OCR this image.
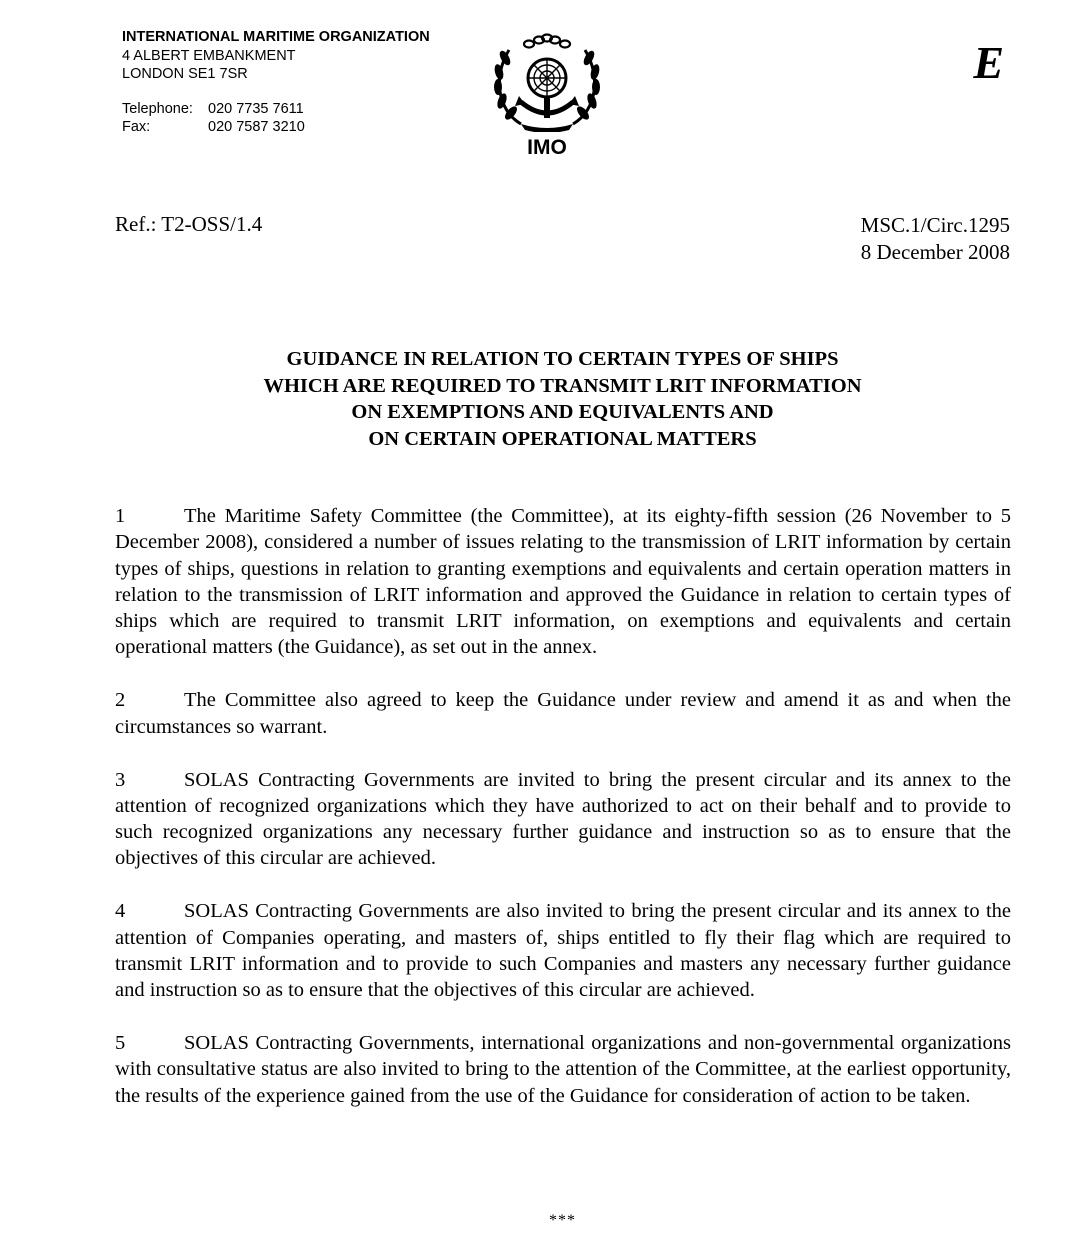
INTERNATIONAL MARITIME ORGANIZATION
4 ALBERT EMBANKMENT
LONDON SE1 7SR
Telephone:	020 7735 7611
Fax:	020 7587 3210
IMO
E
Ref.: T2-OSS/1.4	MSC.1/Circ.1295
8 December 2008
GUIDANCE IN RELATION TO CERTAIN TYPES OF SHIPS
WHICH ARE REQUIRED TO TRANSMIT LRIT INFORMATION
ON EXEMPTIONS AND EQUIVALENTS AND
ON CERTAIN OPERATIONAL MATTERS

1	The Maritime Safety Committee (the Committee), at its eighty-fifth session (26 November to 5 December 2008), considered a number of issues relating to the transmission of LRIT information by certain types of ships, questions in relation to granting exemptions and equivalents and certain operation matters in relation to the transmission of LRIT information and approved the Guidance in relation to certain types of ships which are required to transmit LRIT information, on exemptions and equivalents and certain operational matters (the Guidance), as set out in the annex.

2	The Committee also agreed to keep the Guidance under review and amend it as and when the circumstances so warrant.

3	SOLAS Contracting Governments are invited to bring the present circular and its annex to the attention of recognized organizations which they have authorized to act on their behalf and to provide to such recognized organizations any necessary further guidance and instruction so as to ensure that the objectives of this circular are achieved.

4	SOLAS Contracting Governments are also invited to bring the present circular and its annex to the attention of Companies operating, and masters of, ships entitled to fly their flag which are required to transmit LRIT information and to provide to such Companies and masters any necessary further guidance and instruction so as to ensure that the objectives of this circular are achieved.

5	SOLAS Contracting Governments, international organizations and non-governmental organizations with consultative status are also invited to bring to the attention of the Committee, at the earliest opportunity, the results of the experience gained from the use of the Guidance for consideration of action to be taken.

***
